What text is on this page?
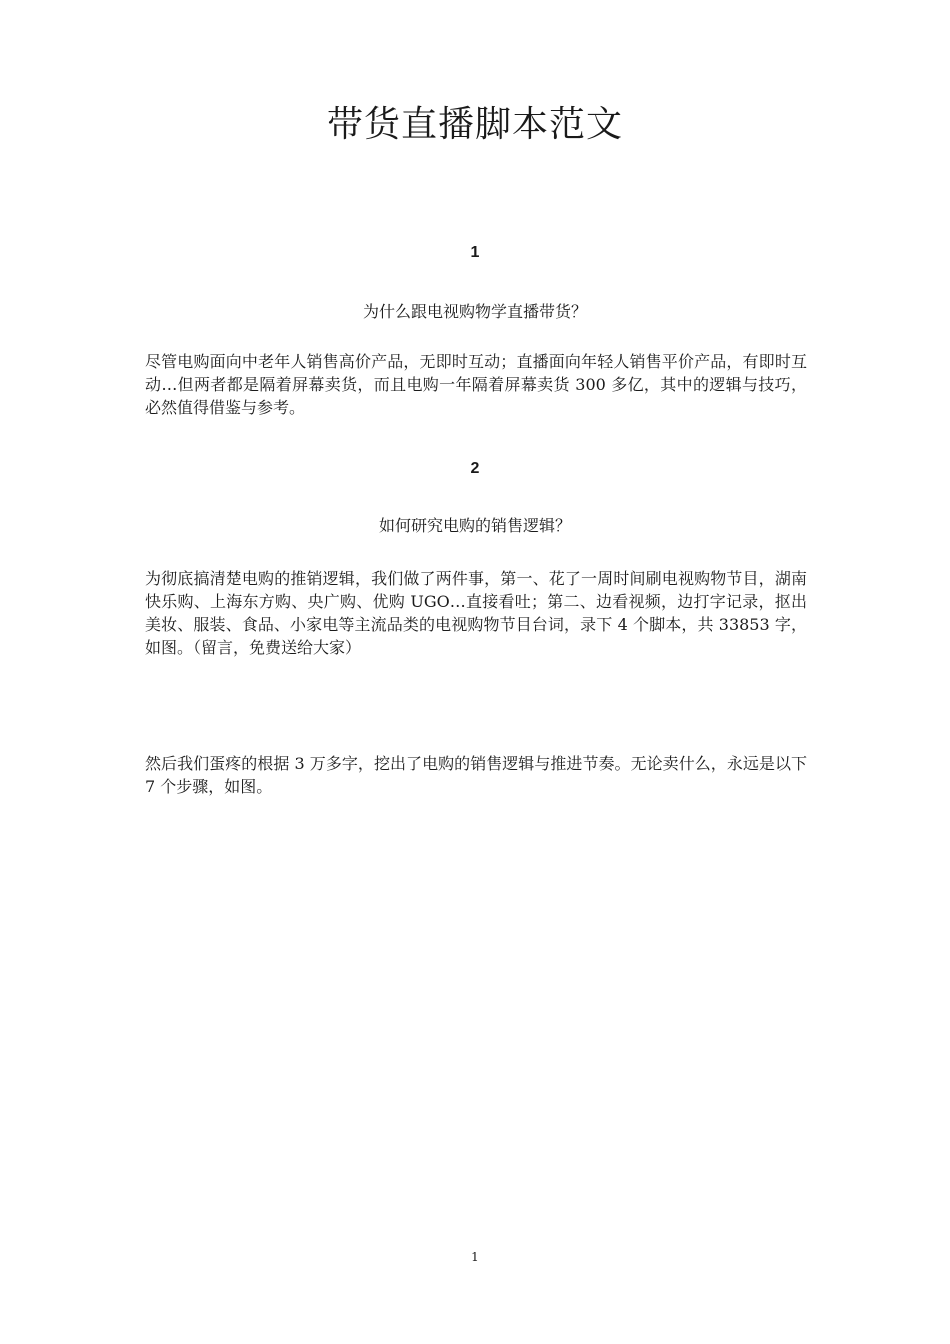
带货直播脚本范文

1

为什么跟电视购物学直播带货？

尽管电购面向中老年人销售高价产品，无即时互动；直播面向年轻人销售平价产品，有即时互动…但两者都是隔着屏幕卖货，而且电购一年隔着屏幕卖货 300 多亿，其中的逻辑与技巧，必然值得借鉴与参考。

2

如何研究电购的销售逻辑？

为彻底搞清楚电购的推销逻辑，我们做了两件事，第一、花了一周时间刷电视购物节目，湖南快乐购、上海东方购、央广购、优购 UGO…直接看吐；第二、边看视频，边打字记录，抠出美妆、服装、食品、小家电等主流品类的电视购物节目台词，录下 4 个脚本，共 33853 字，如图。（留言，免费送给大家）

然后我们蛋疼的根据 3 万多字，挖出了电购的销售逻辑与推进节奏。无论卖什么，永远是以下 7 个步骤，如图。

1
